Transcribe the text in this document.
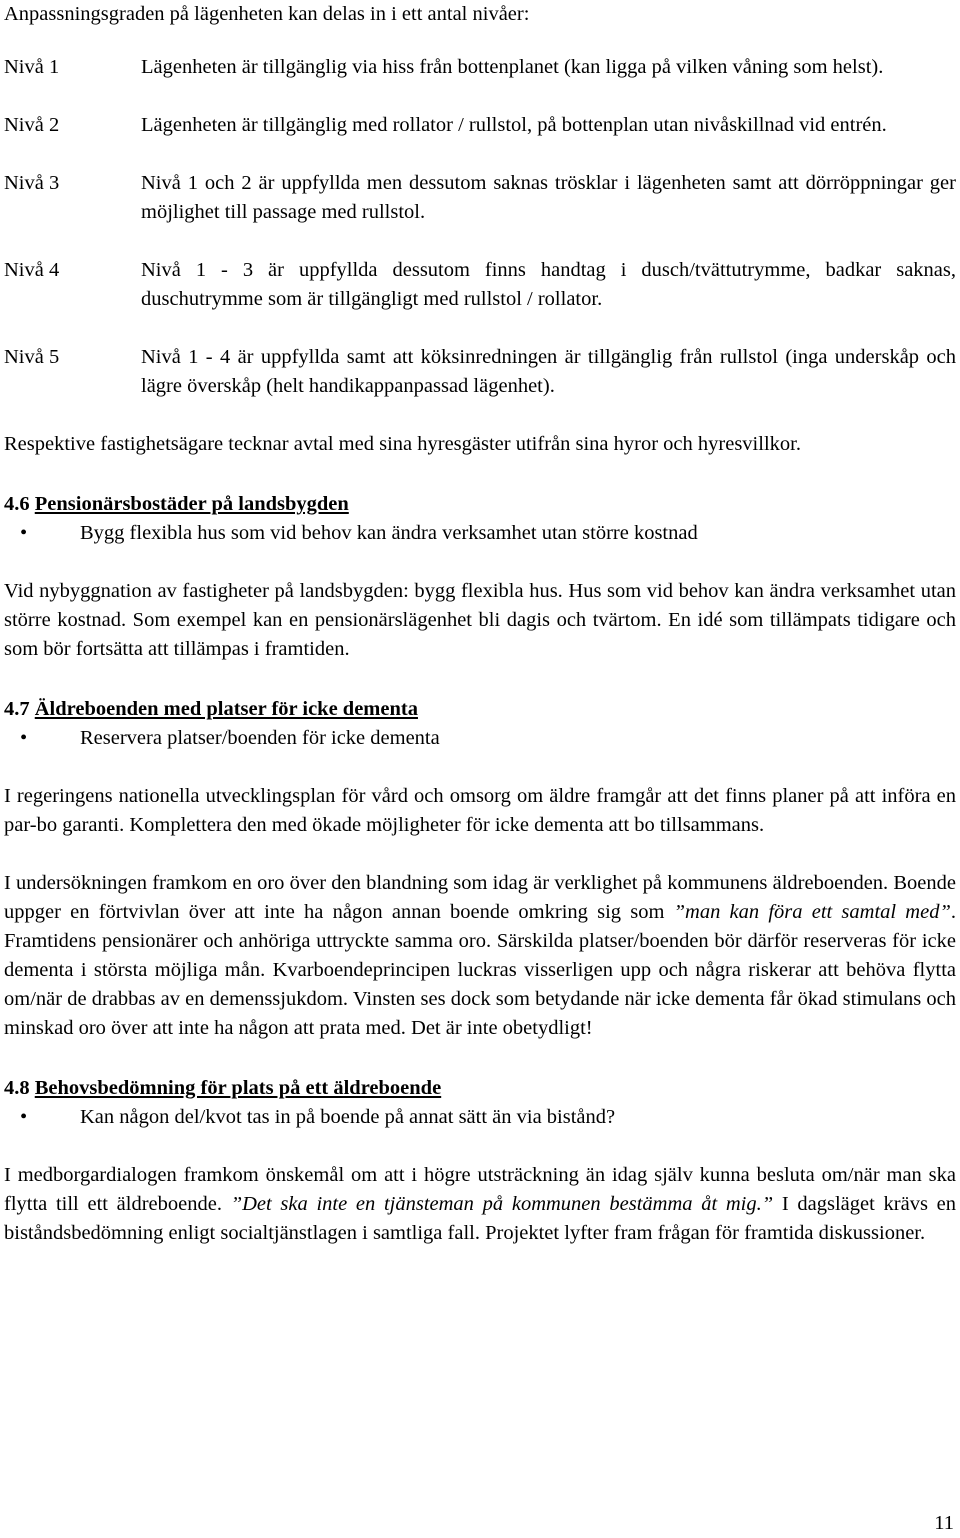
Anpassningsgraden på lägenheten kan delas in i ett antal nivåer:

Nivå 1	Lägenheten är tillgänglig via hiss från bottenplanet (kan ligga på vilken våning som helst).
Nivå 2	Lägenheten är tillgänglig med rollator / rullstol, på bottenplan utan nivåskillnad vid entrén.
Nivå 3	Nivå 1 och 2 är uppfyllda men dessutom saknas trösklar i lägenheten samt att dörröppningar ger möjlighet till passage med rullstol.
Nivå 4	Nivå 1 - 3 är uppfyllda dessutom finns handtag i dusch/tvättutrymme, badkar saknas, duschutrymme som är tillgängligt med rullstol / rollator.
Nivå 5	Nivå 1 - 4 är uppfyllda samt att köksinredningen är tillgänglig från rullstol (inga underskåp och lägre överskåp (helt handikappanpassad lägenhet).

Respektive fastighetsägare tecknar avtal med sina hyresgäster utifrån sina hyror och hyresvillkor.

4.6 Pensionärsbostäder på landsbygden
•	Bygg flexibla hus som vid behov kan ändra verksamhet utan större kostnad

Vid nybyggnation av fastigheter på landsbygden: bygg flexibla hus. Hus som vid behov kan ändra verksamhet utan större kostnad. Som exempel kan en pensionärslägenhet bli dagis och tvärtom. En idé som tillämpats tidigare och som bör fortsätta att tillämpas i framtiden.

4.7 Äldreboenden med platser för icke dementa
•	Reservera platser/boenden för icke dementa

I regeringens nationella utvecklingsplan för vård och omsorg om äldre framgår att det finns planer på att införa en par-bo garanti. Komplettera den med ökade möjligheter för icke dementa att bo tillsammans.

I undersökningen framkom en oro över den blandning som idag är verklighet på kommunens äldreboenden. Boende uppger en förtvivlan över att inte ha någon annan boende omkring sig som ”man kan föra ett samtal med”. Framtidens pensionärer och anhöriga uttryckte samma oro. Särskilda platser/boenden bör därför reserveras för icke dementa i största möjliga mån. Kvarboendeprincipen luckras visserligen upp och några riskerar att behöva flytta om/när de drabbas av en demenssjukdom. Vinsten ses dock som betydande när icke dementa får ökad stimulans och minskad oro över att inte ha någon att prata med. Det är inte obetydligt!

4.8 Behovsbedömning för plats på ett äldreboende
•	Kan någon del/kvot tas in på boende på annat sätt än via bistånd?

I medborgardialogen framkom önskemål om att i högre utsträckning än idag själv kunna besluta om/när man ska flytta till ett äldreboende. ”Det ska inte en tjänsteman på kommunen bestämma åt mig.” I dagsläget krävs en biståndsbedömning enligt socialtjänstlagen i samtliga fall. Projektet lyfter fram frågan för framtida diskussioner.

11
